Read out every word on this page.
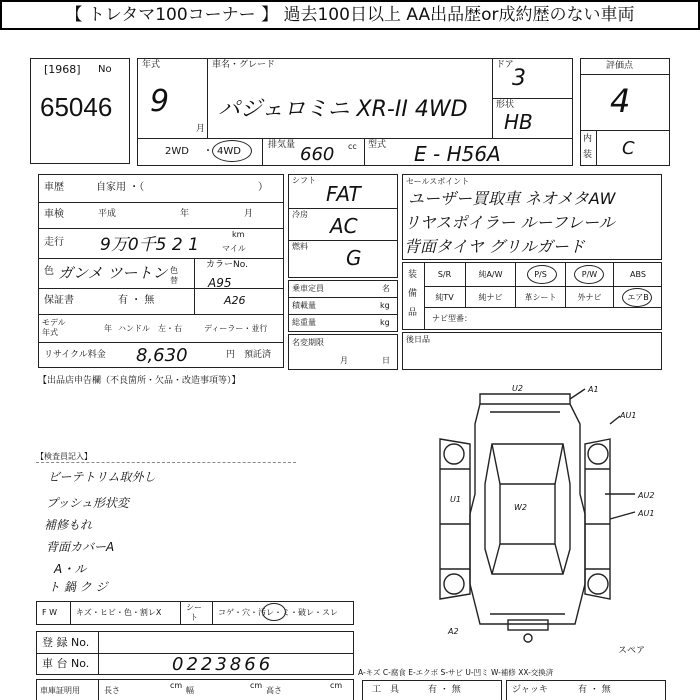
【 トレタマ100コーナー 】 過去100日以上 AA出品歴or成約歴のない車両
[1968] No
65046
年式
9
月
車名・グレード
パジェロミニ XR-II 4WD
ドア
3
形状
HB
2WD ・ 4WD
排気量 660 cc 型式 E - H56A
評価点
4
内
装 C
車歴	自家用 ・（	）
車検	平成	年	月
走行 9万0千5 2 1
km
マイル
色 ガンメ ツートン 色替
カラーNo.
A95
A26
保証書	有 ・ 無
モデル
年式	年 ハンドル　左・右	ディーラー・並行
リサイクル料金 8,630	円 預託済
【出品店申告欄（不良箇所・欠品・改造事項等）】
シフト
FAT
冷房 AC
燃料 G
乗車定員	名
積載量	kg
総重量	kg
名変期限
月	日
セールスポイント
ユーザー買取車 ネオメタAW
リヤスポイラー ルーフレール
背面タイヤ グリルガード
装
備
品
S/R	純A/W	P/S	P/W	ABS
純TV	純ナビ	革シート	外ナビ	エアB
ナビ型番：
後日品
【検査員記入】
ビーテトリム取外し
プッシュ形状変
補修もれ
背面カバーA
A・ル
ト 鍋 ク ジ
F W キズ・ヒビ・色・割レX
シー
ト
コゲ・穴・汚レ・ミ・破レ・スレ
登 録 No.
車 台 No.	0223866
車庫証明用	長さ
cm
幅
cm
高さ
cm
A-キズ C-腐食 E-エクボ S-サビ U-凹ミ W-補修 XX-交換済
スペア
工　具	有 ・ 無	ジャッキ	有 ・ 無
U2	A1
AU1
U1
W2
AU2
AU1
A2
